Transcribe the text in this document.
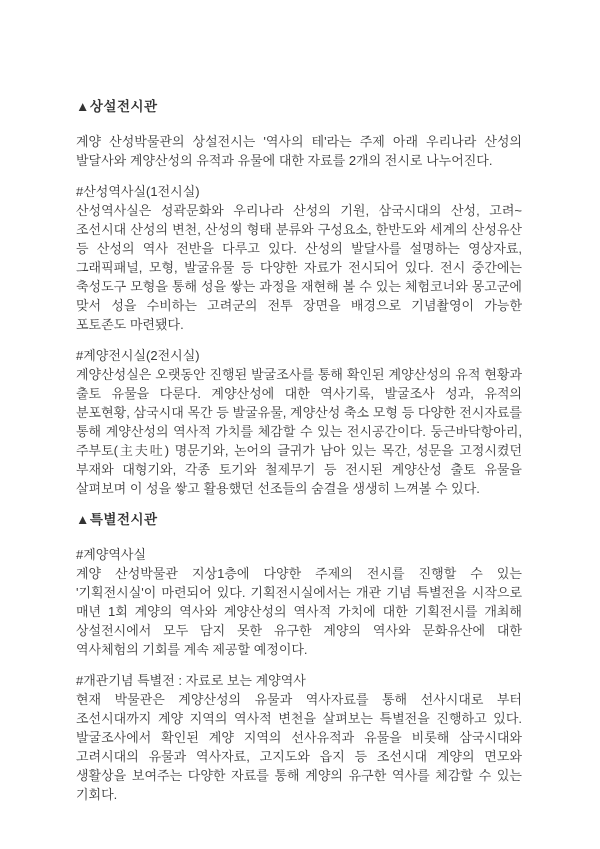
▲상설전시관

계양 산성박물관의 상설전시는 '역사의 테'라는 주제 아래 우리나라 산성의 발달사와 계양산성의 유적과 유물에 대한 자료를 2개의 전시로 나누어진다.

#산성역사실(1전시실)

산성역사실은 성곽문화와 우리나라 산성의 기원, 삼국시대의 산성, 고려~조선시대 산성의 변천, 산성의 형태 분류와 구성요소, 한반도와 세계의 산성유산 등 산성의 역사 전반을 다루고 있다. 산성의 발달사를 설명하는 영상자료, 그래픽패널, 모형, 발굴유물 등 다양한 자료가 전시되어 있다. 전시 중간에는 축성도구 모형을 통해 성을 쌓는 과정을 재현해 볼 수 있는 체험코너와 몽고군에 맞서 성을 수비하는 고려군의 전투 장면을 배경으로 기념촬영이 가능한 포토존도 마련됐다.

#계양전시실(2전시실)

계양산성실은 오랫동안 진행된 발굴조사를 통해 확인된 계양산성의 유적 현황과 출토 유물을 다룬다. 계양산성에 대한 역사기록, 발굴조사 성과, 유적의 분포현황, 삼국시대 목간 등 발굴유물, 계양산성 축소 모형 등 다양한 전시자료를 통해 계양산성의 역사적 가치를 체감할 수 있는 전시공간이다. 둥근바닥항아리, 주부토(主夫吐) 명문기와, 논어의 글귀가 남아 있는 목간, 성문을 고정시켰던 부재와 대형기와, 각종 토기와 철제무기 등 전시된 계양산성 출토 유물을 살펴보며 이 성을 쌓고 활용했던 선조들의 숨결을 생생히 느껴볼 수 있다.

▲특별전시관

#계양역사실

계양 산성박물관 지상1층에 다양한 주제의 전시를 진행할 수 있는 '기획전시실'이 마련되어 있다. 기획전시실에서는 개관 기념 특별전을 시작으로 매년 1회 계양의 역사와 계양산성의 역사적 가치에 대한 기획전시를 개최해 상설전시에서 모두 담지 못한 유구한 계양의 역사와 문화유산에 대한 역사체험의 기회를 계속 제공할 예정이다.

#개관기념 특별전 : 자료로 보는 계양역사

현재 박물관은 계양산성의 유물과 역사자료를 통해 선사시대로 부터 조선시대까지 계양 지역의 역사적 변천을 살펴보는 특별전을 진행하고 있다. 발굴조사에서 확인된 계양 지역의 선사유적과 유물을 비롯해 삼국시대와 고려시대의 유물과 역사자료, 고지도와 읍지 등 조선시대 계양의 면모와 생활상을 보여주는 다양한 자료를 통해 계양의 유구한 역사를 체감할 수 있는 기회다.
